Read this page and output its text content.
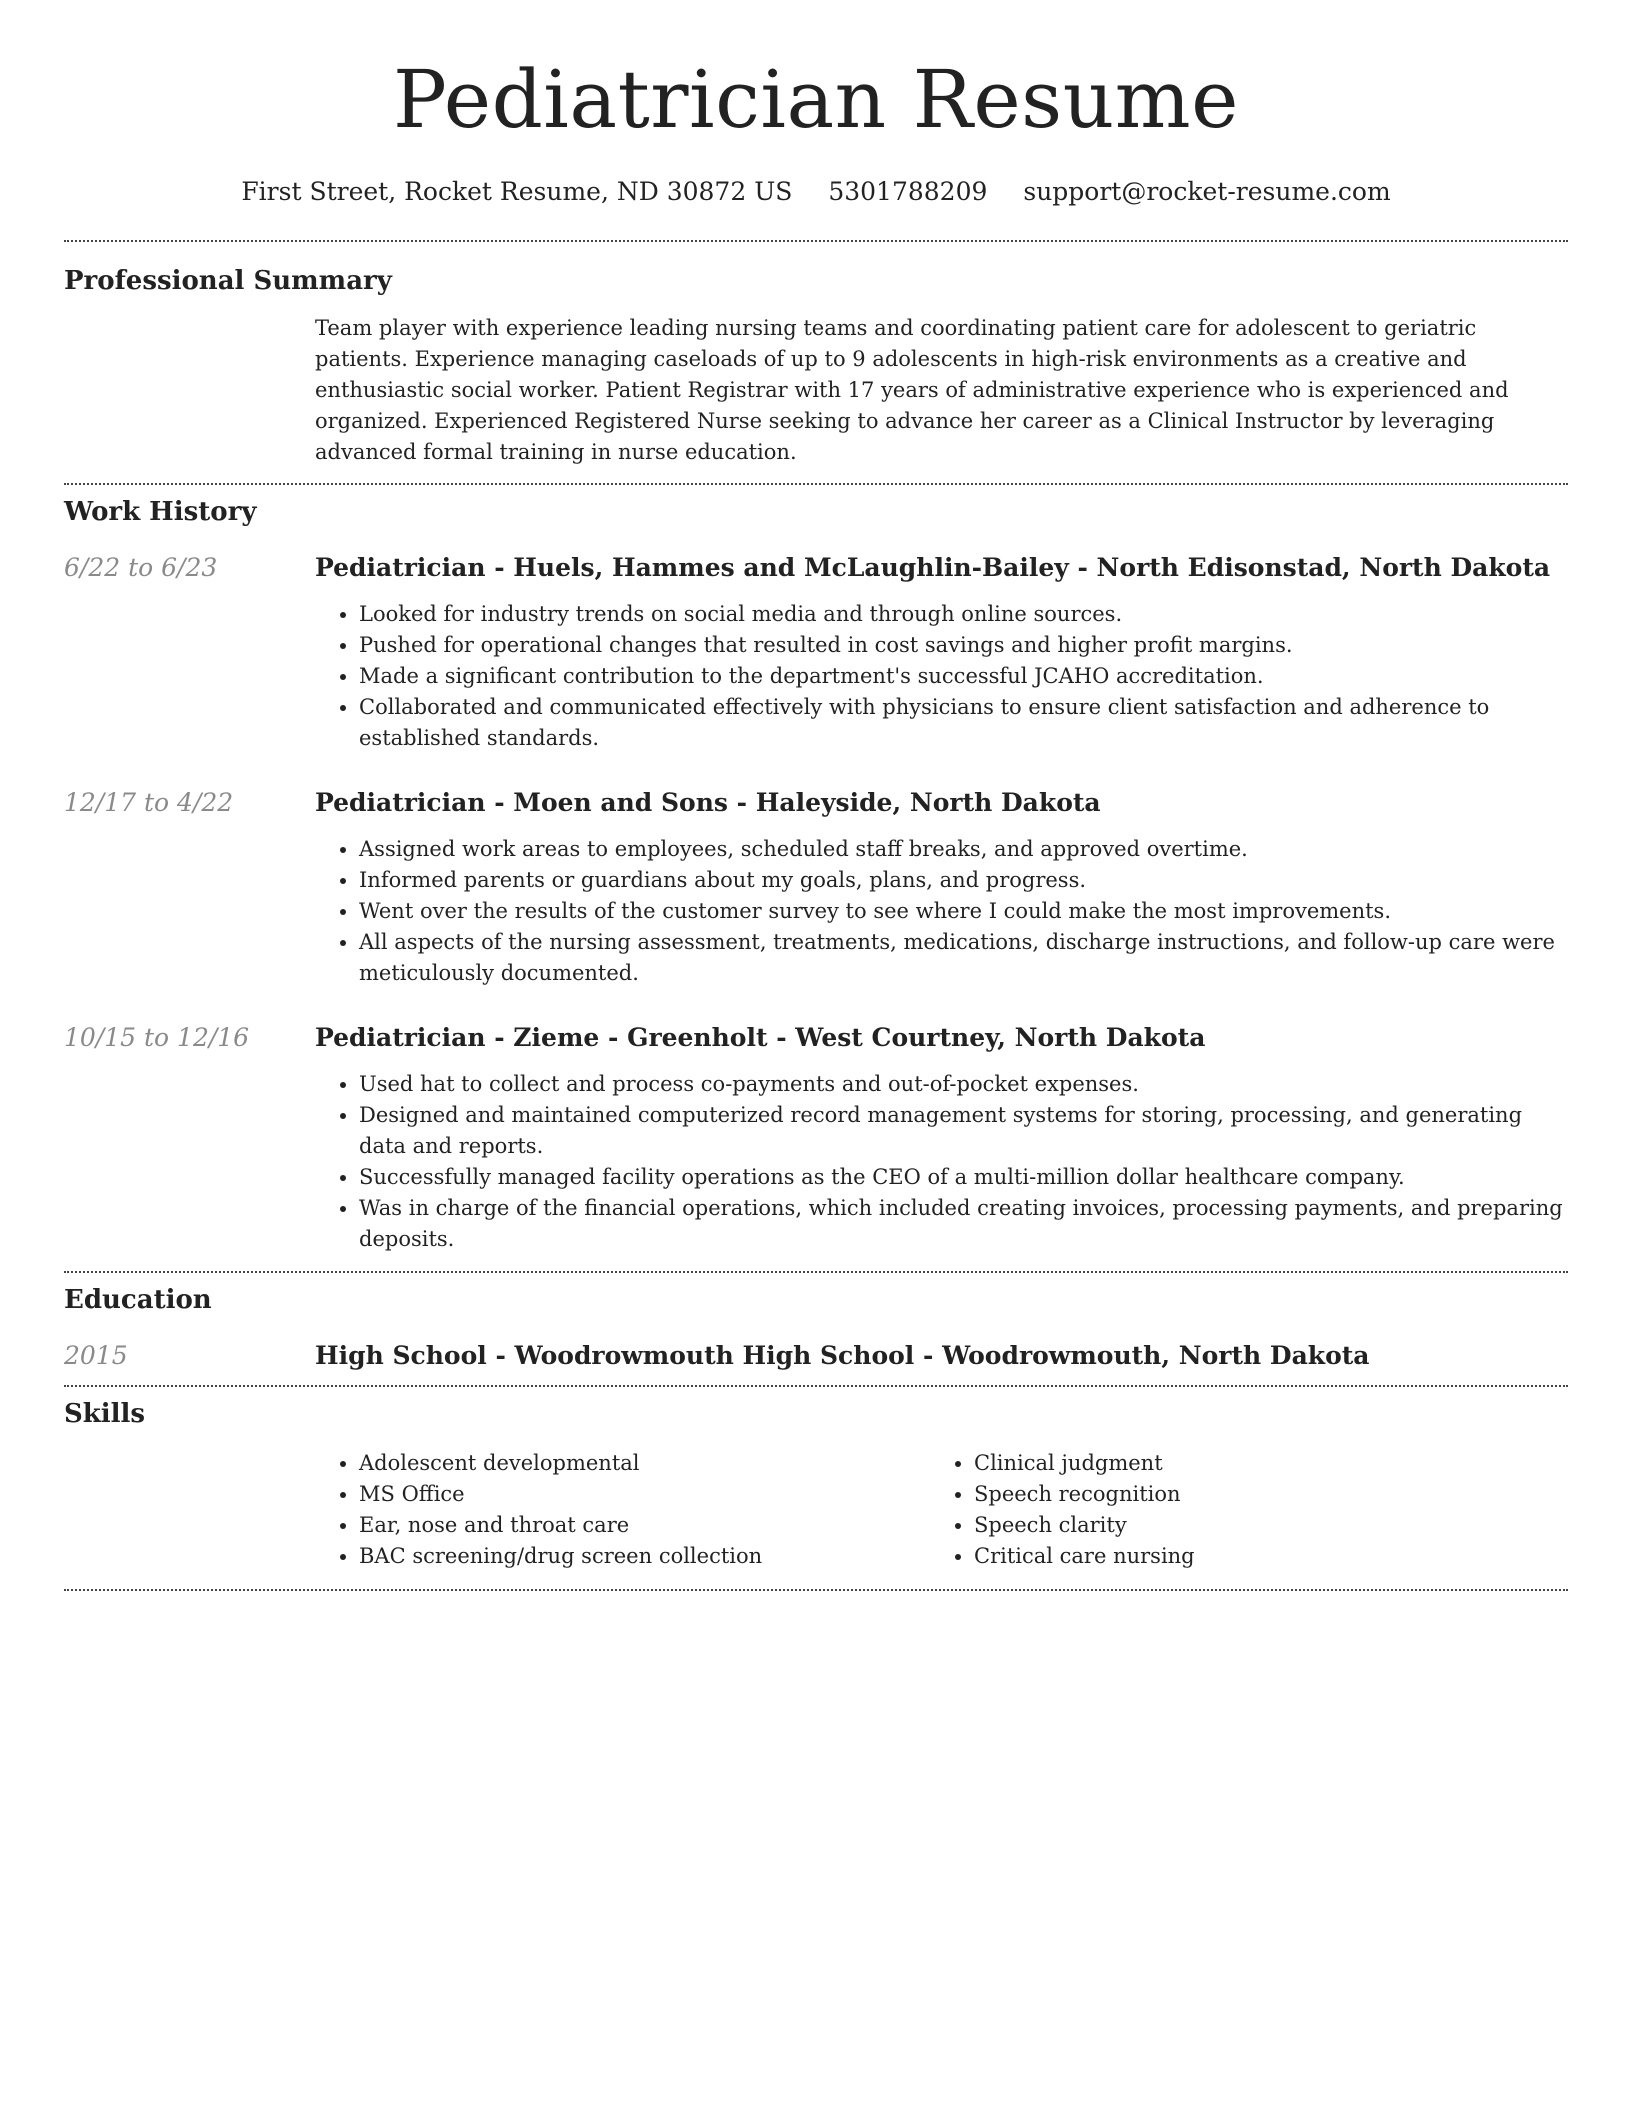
Pediatrician Resume
First Street, Rocket Resume, ND 30872 US 5301788209 support@rocket-resume.com
Professional Summary

Team player with experience leading nursing teams and coordinating patient care for adolescent to geriatric patients. Experience managing caseloads of up to 9 adolescents in high-risk environments as a creative and enthusiastic social worker. Patient Registrar with 17 years of administrative experience who is experienced and organized. Experienced Registered Nurse seeking to advance her career as a Clinical Instructor by leveraging advanced formal training in nurse education.

Work History
6/22 to 6/23	Pediatrician - Huels, Hammes and McLaughlin-Bailey - North Edisonstad, North Dakota
• Looked for industry trends on social media and through online sources.
• Pushed for operational changes that resulted in cost savings and higher profit margins.
• Made a significant contribution to the department's successful JCAHO accreditation.
• Collaborated and communicated effectively with physicians to ensure client satisfaction and adherence to established standards.
12/17 to 4/22	Pediatrician - Moen and Sons - Haleyside, North Dakota
• Assigned work areas to employees, scheduled staff breaks, and approved overtime.
• Informed parents or guardians about my goals, plans, and progress.
• Went over the results of the customer survey to see where I could make the most improvements.
• All aspects of the nursing assessment, treatments, medications, discharge instructions, and follow-up care were meticulously documented.
10/15 to 12/16	Pediatrician - Zieme - Greenholt - West Courtney, North Dakota
• Used hat to collect and process co-payments and out-of-pocket expenses.
• Designed and maintained computerized record management systems for storing, processing, and generating data and reports.
• Successfully managed facility operations as the CEO of a multi-million dollar healthcare company.
• Was in charge of the financial operations, which included creating invoices, processing payments, and preparing deposits.
Education
2015	High School - Woodrowmouth High School - Woodrowmouth, North Dakota
Skills
• Adolescent developmental
• MS Office
• Ear, nose and throat care
• BAC screening/drug screen collection
• Clinical judgment
• Speech recognition
• Speech clarity
• Critical care nursing
